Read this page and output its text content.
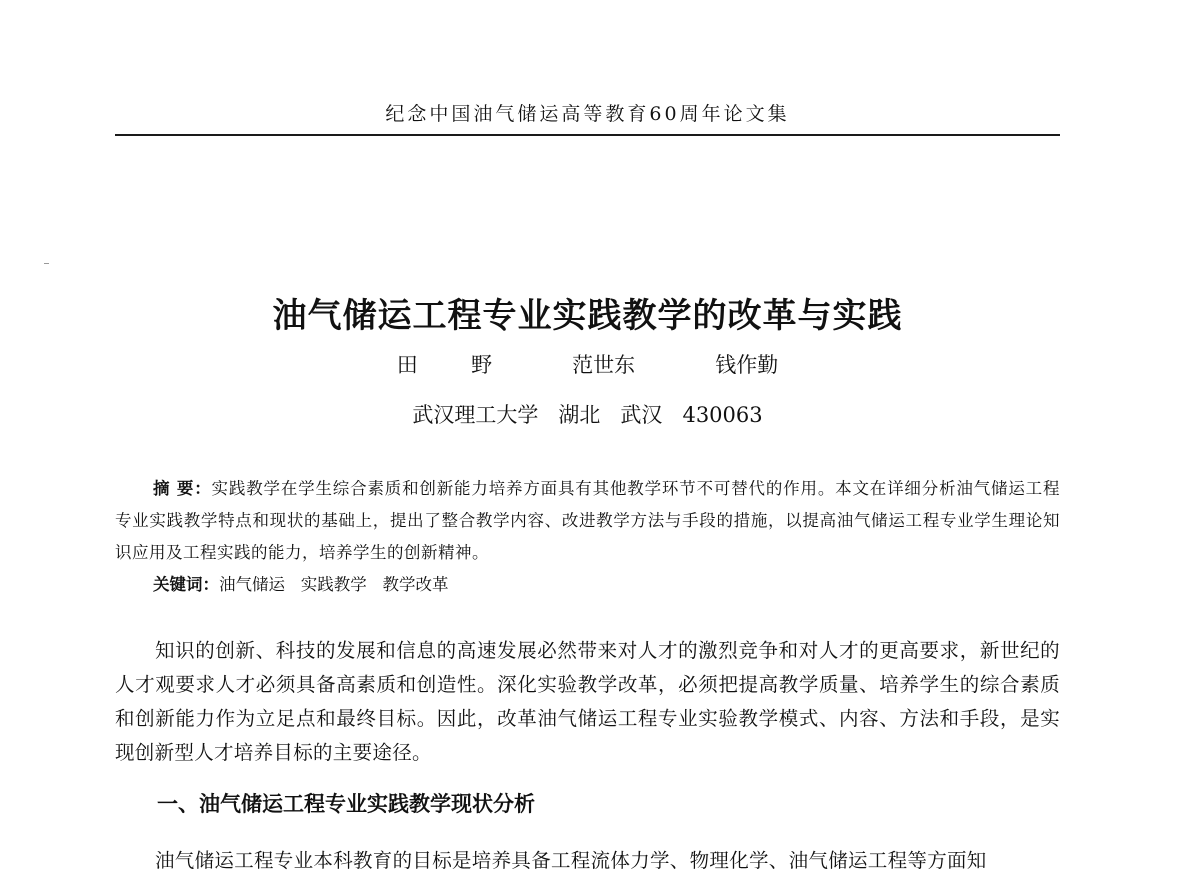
纪念中国油气储运高等教育60周年论文集
油气储运工程专业实践教学的改革与实践
田  野   范世东   钱作勤
武汉理工大学   湖北   武汉   430063
摘 要：实践教学在学生综合素质和创新能力培养方面具有其他教学环节不可替代的作用。本文在详细分析油气储运工程专业实践教学特点和现状的基础上，提出了整合教学内容、改进教学方法与手段的措施，以提高油气储运工程专业学生理论知识应用及工程实践的能力，培养学生的创新精神。
关键词：油气储运   实践教学   教学改革
知识的创新、科技的发展和信息的高速发展必然带来对人才的激烈竞争和对人才的更高要求，新世纪的人才观要求人才必须具备高素质和创造性。深化实验教学改革，必须把提高教学质量、培养学生的综合素质和创新能力作为立足点和最终目标。因此，改革油气储运工程专业实验教学模式、内容、方法和手段，是实现创新型人才培养目标的主要途径。
一、油气储运工程专业实践教学现状分析
油气储运工程专业本科教育的目标是培养具备工程流体力学、物理化学、油气储运工程等方面知
